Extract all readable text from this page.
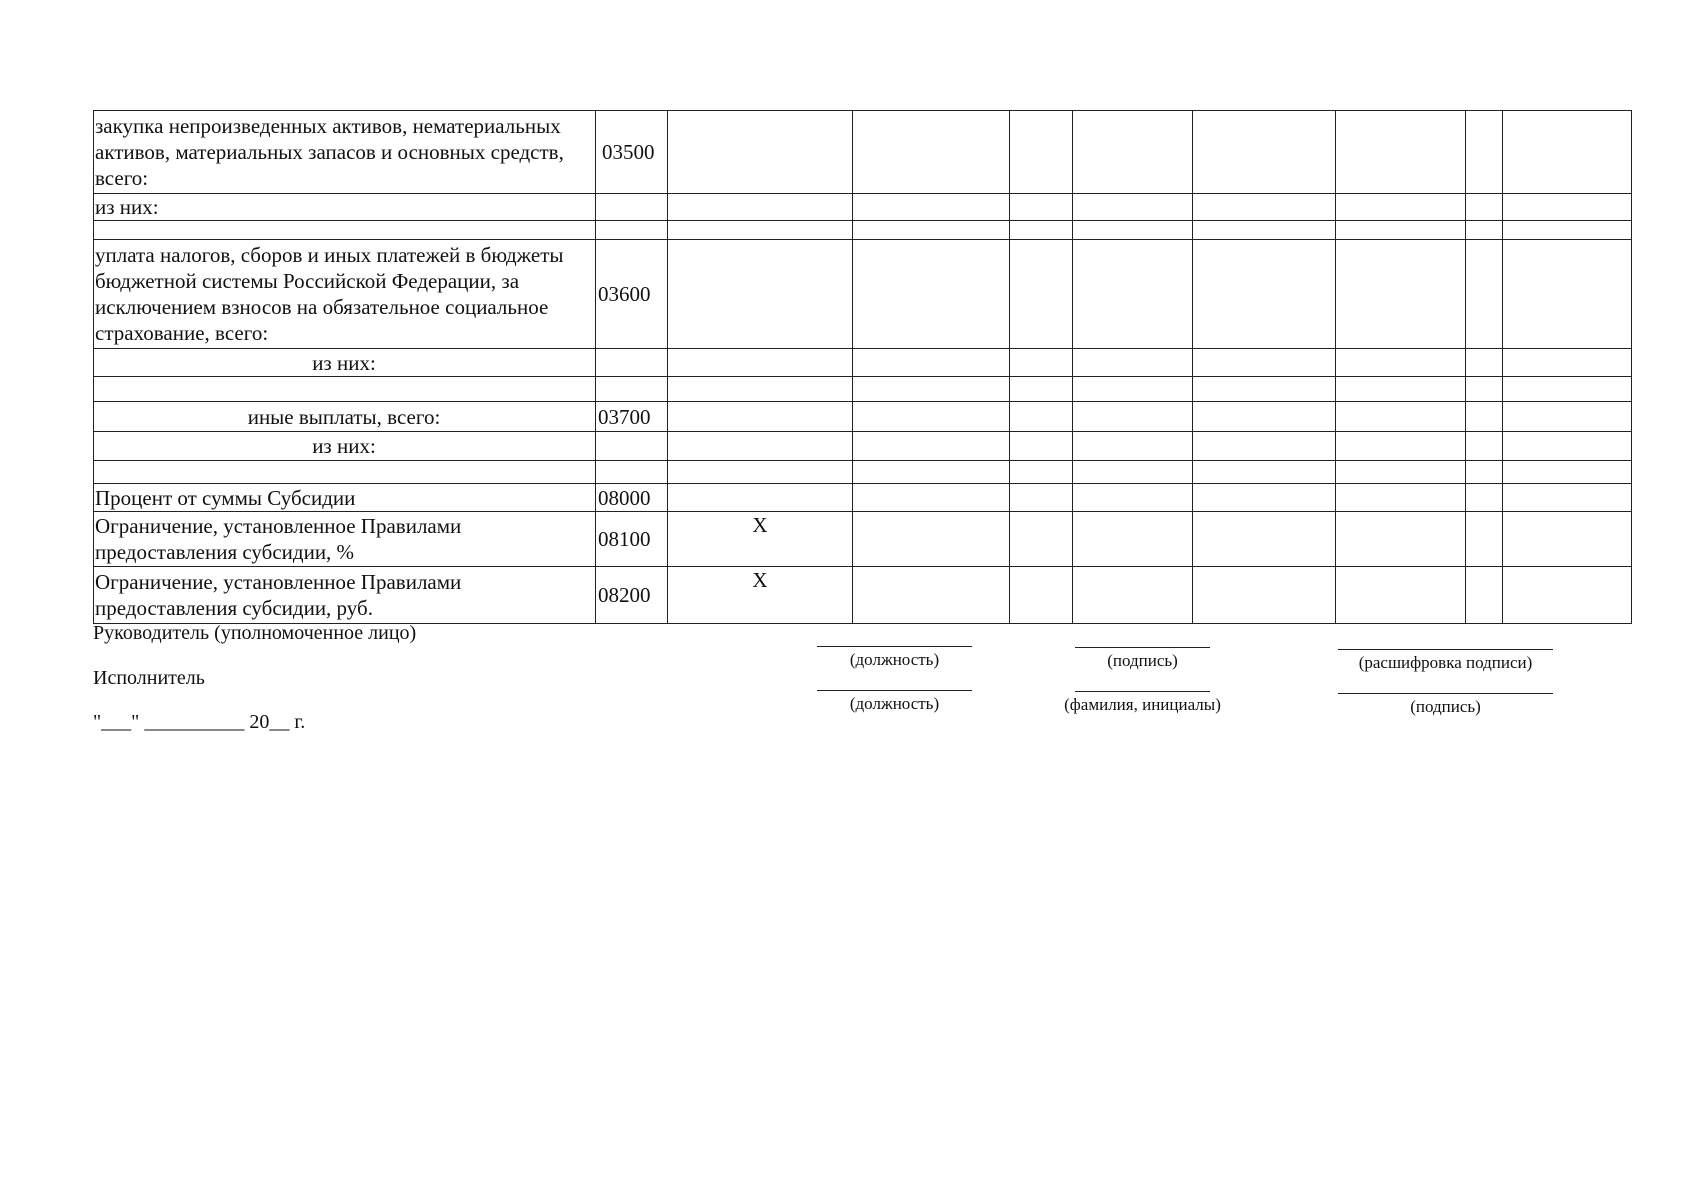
закупка непроизведенных активов, нематериальных активов, материальных запасов и основных средств, всего:	03500								
из них:									

уплата налогов, сборов и иных платежей в бюджеты бюджетной системы Российской Федерации, за исключением взносов на обязательное социальное страхование, всего:	03600								
из них:									

иные выплаты, всего:	03700								
из них:									

Процент от суммы Субсидии	08000								
Ограничение, установленное Правилами предоставления субсидии, %	08100	X							
Ограничение, установленное Правилами предоставления субсидии, руб.	08200	X							
Руководитель (уполномоченное лицо)
Исполнитель
"___" __________ 20__ г.
(должность)	(подпись)	(расшифровка подписи)
(должность)	(фамилия, инициалы)	(подпись)
